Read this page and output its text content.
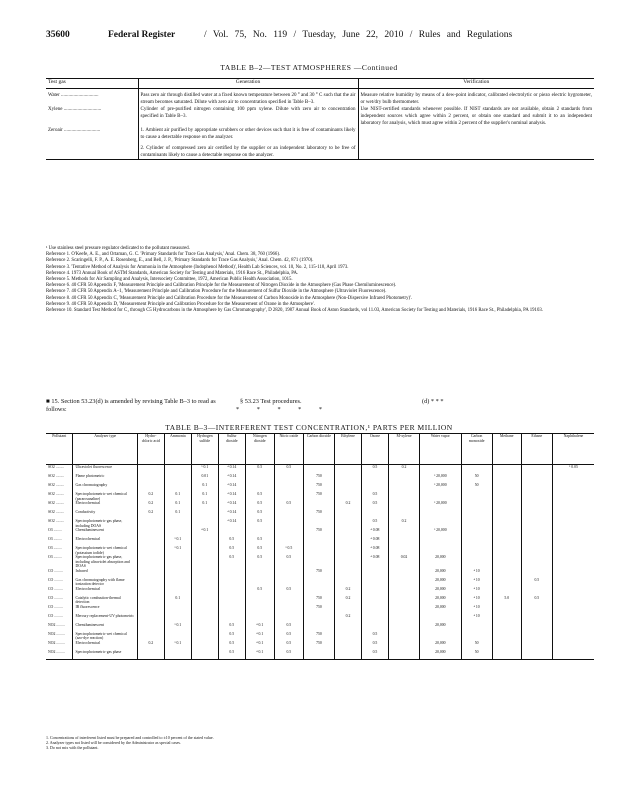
35600	Federal Register	/ Vol. 75, No. 119 / Tuesday, June 22, 2010 / Rules and Regulations
TABLE B–2—TEST ATMOSPHERES —Continued
Test gas	Generation	Verification
Water ..............................	Pass zero air through distilled water at a fixed known temperature between 20 ° and 30 ° C such that the air stream becomes saturated. Dilute with zero air to concentration specified in Table B–3.	Measure relative humidity by means of a dew-point indicator, calibrated electrolytic or piezo electric hygrometer, or wet/dry bulb thermometer.
Xylene ..............................	Cylinder of pre-purified nitrogen containing 100 ppm xylene. Dilute with zero air to concentration specified in Table B–3.	Use NIST-certified standards whenever possible. If NIST standards are not available, obtain 2 standards from independent sources which agree within 2 percent, or obtain one standard and submit it to an independent laboratory for analysis, which must agree within 2 percent of the supplier's nominal analysis.
Zeroair .............................	1. Ambient air purified by appropriate scrubbers or other devices such that it is free of contaminants likely to cause a detectable response on the analyzer.
2. Cylinder of compressed zero air certified by the supplier or an independent laboratory to be free of contaminants likely to cause a detectable response on the analyzer.	

¹ Use stainless steel pressure regulator dedicated to the pollutant measured.
Reference 1. O'Keefe, A. E., and Ortaman, G. C. 'Primary Standards for Trace Gas Analysis,' Anal. Chem. 38, 760 (1966).
Reference 2. Scaringelli, F. P., A. E. Rosenberg, E., and Bell, J. P., 'Primary Standards for Trace Gas Analysis,' Anal. Chem. 42, 871 (1970).
Reference 3. 'Tentative Method of Analysis for Ammonia in the Atmosphere (Indophenol Method)', Health Lab Sciences, vol. 10, No. 2, 115-118, April 1973.
Reference 4. 1973 Annual Book of ASTM Standards, American Society for Testing and Materials, 1916 Race St., Philadelphia, PA.
Reference 5. Methods for Air Sampling and Analysis, Intersociety Committee, 1972, American Public Health Association, 1015.
Reference 6. 40 CFR 50 Appendix F, 'Measurement Principle and Calibration Principle for the Measurement of Nitrogen Dioxide in the Atmosphere (Gas Phase Chemiluminescence).
Reference 7. 40 CFR 50 Appendix A–1, 'Measurement Principle and Calibration Procedure for the Measurement of Sulfur Dioxide in the Atmosphere (Ultraviolet Fluorescence).
Reference 8. 40 CFR 50 Appendix C, 'Measurement Principle and Calibration Procedure for the Measurement of Carbon Monoxide in the Atmosphere (Non-Dispersive Infrared Photometry)'.
Reference 9. 40 CFR 50 Appendix D, 'Measurement Principle and Calibration Procedure for the Measurement of Ozone in the Atmosphere'.
Reference 10. Standard Test Method for C₁ through C5 Hydrocarbons in the Atmosphere by Gas Chromatography', D 2820, 1987 Annual Book of Aston Standards, vol 11.03, American Society for Testing and Materials, 1916 Race St., Philadelphia, PA 19103.
■ 15. Section 53.23(d) is amended by revising Table B–3 to read as follows:
§ 53.23 Test procedures.	(d) * * *
* * * * *
TABLE B–3—INTERFERENT TEST CONCENTRATION,¹ PARTS PER MILLION
Pollutant	Analyzer type	Hydro-chloric acid	Ammonia	Hydrogen sulfide	Sulfur dioxide	Nitrogen dioxide	Nitric oxide	Carbon dioxide	Ethylene	Ozone	M-xylene	Water vapor	Carbon monoxide	Methane	Ethane	Naphthalene
SO2 .........	Ultraviolet fluorescence			⁵ 0.1	⁴ 0.14	0.5	0.5			0.5	0.2					⁵ 0.05
SO2 .........	Flame photometric			0.01	⁴ 0.14			750				³ 20,000	50			
SO2 .........	Gas chromatography			0.1	⁴ 0.14			750				³ 20,000	50			
SO2 .........	Spectrophotometric-wet chemical (pararosanaline)	0.2	0.1	0.1	⁴ 0.14	0.5		750		0.5						
SO2 .........	Electrochemical	0.2	0.1	0.1	⁴ 0.14	0.5	0.5		0.2	0.5		³ 20,000				
SO2 .........	Conductivity	0.2	0.1		⁴ 0.14	0.5		750								
SO2 .........	Spectrophotometric-gas phase, including DOAS				⁴ 0.14	0.5				0.5	0.2					
O3 .........	Chemiluminescent			⁴ 0.1				750		⁴ 0.08		³ 20,000				
O3 .........	Electrochemical		³ 0.1		0.5	0.5				⁴ 0.08						
O3 .........	Spectrophotometric-wet chemical (potassium iodide)		³ 0.1		0.5	0.5	³ 0.5			⁴ 0.08						
O3 .........	Spectrophotometric-gas phase, including ultraviolet absorption and DOAS				0.5	0.5	0.5			⁴ 0.08	0.02	20,000				
CO .........	Infrared							750				20,000	⁴ 10			
CO .........	Gas chromatography with flame ionization detector											20,000	⁴ 10		0.5	
CO .........	Electrochemical					0.5	0.5		0.2			20,000	⁴ 10			
CO .........	Catalytic combustion-thermal detection		0.1					750	0.2			20,000	⁴ 10	5.0	0.5	
CO .........	IR fluorescence							750				20,000	⁴ 10			
CO .........	Mercury replacement-UV photometric								0.2				⁴ 10			
NO2 .........	Chemiluminescent		³ 0.1		0.5	⁴ 0.1	0.5					20,000				
NO2 .........	Spectrophotometric-wet chemical (azo-dye reaction)				0.5	⁴ 0.1	0.5	750		0.5						
NO2 .........	Electrochemical	0.2	³ 0.1		0.5	⁴ 0.1	0.5	750		0.5		20,000	50			
NO2 .........	Spectrophotometric-gas phase				0.5	⁴ 0.1	0.5			0.5		20,000	50			
1. Concentrations of interferent listed must be prepared and controlled to ±10 percent of the stated value.
2. Analyzer types not listed will be considered by the Administrator as special cases.
3. Do not mix with the pollutant.
